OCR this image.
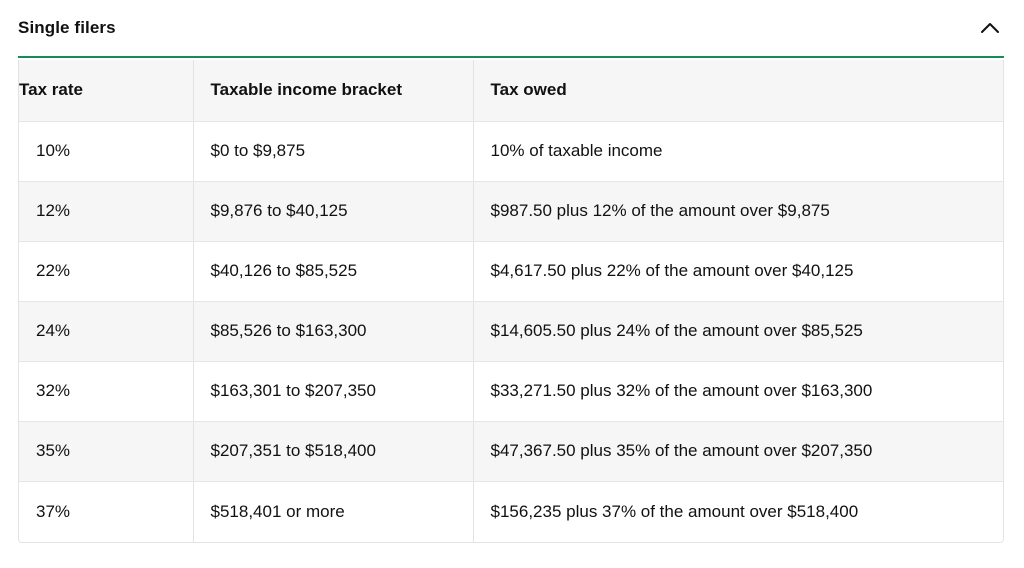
Single filers
Tax rate	Taxable income bracket	Tax owed
10%	$0 to $9,875	10% of taxable income
12%	$9,876 to $40,125	$987.50 plus 12% of the amount over $9,875
22%	$40,126 to $85,525	$4,617.50 plus 22% of the amount over $40,125
24%	$85,526 to $163,300	$14,605.50 plus 24% of the amount over $85,525
32%	$163,301 to $207,350	$33,271.50 plus 32% of the amount over $163,300
35%	$207,351 to $518,400	$47,367.50 plus 35% of the amount over $207,350
37%	$518,401 or more	$156,235 plus 37% of the amount over $518,400
